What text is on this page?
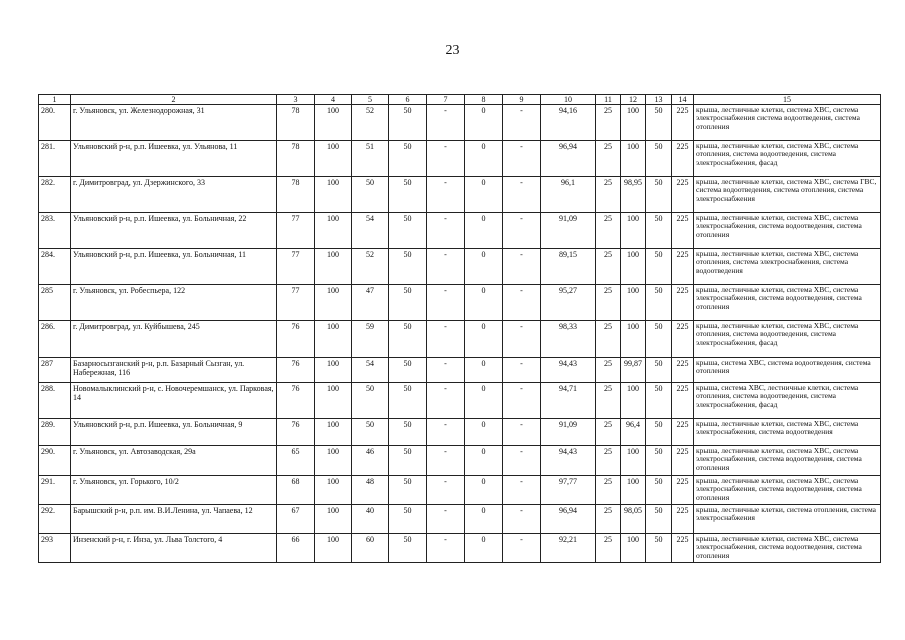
23
1	2	3	4	5	6	7	8	9	10	11	12	13	14	15
280.	г. Ульяновск, ул. Железнодорожная, 31	78	100	52	50	-	0	-	94,16	25	100	50	225	крыша, лестничные клетки, система ХВС, система электроснабжения система водоотведения, система отопления
281.	Ульяновский р-н, р.п. Ишеевка, ул. Ульянова, 11	78	100	51	50	-	0	-	96,94	25	100	50	225	крыша, лестничные клетки, система ХВС, система отопления, система водоотведения, система электроснабжения, фасад
282.	г. Димитровград, ул. Дзержинского, 33	78	100	50	50	-	0	-	96,1	25	98,95	50	225	крыша, лестничные клетки, система ХВС, система ГВС, система водоотведения, система отопления, система электроснабжения
283.	Ульяновский р-н, р.п. Ишеевка, ул. Больничная, 22	77	100	54	50	-	0	-	91,09	25	100	50	225	крыша, лестничные клетки, система ХВС, система электроснабжения, система водоотведения, система отопления
284.	Ульяновский р-н, р.п. Ишеевка, ул. Больничная, 11	77	100	52	50	-	0	-	89,15	25	100	50	225	крыша, лестничные клетки, система ХВС, система отопления, система электроснабжения, система водоотведения
285	г. Ульяновск, ул. Робеспьера, 122	77	100	47	50	-	0	-	95,27	25	100	50	225	крыша, лестничные клетки, система ХВС, система электроснабжения, система водоотведения, система отопления
286.	г. Димитровград, ул. Куйбышева, 245	76	100	59	50	-	0	-	98,33	25	100	50	225	крыша, лестничные клетки, система ХВС, система отопления, система водоотведения, система электроснабжения, фасад
287	Базарносызганский р-н, р.п. Базарный Сызган, ул. Набережная, 116	76	100	54	50	-	0	-	94,43	25	99,87	50	225	крыша, система ХВС, система водоотведения, система отопления
288.	Новомалыклинский р-н, с. Новочеремшанск, ул. Парковая, 14	76	100	50	50	-	0	-	94,71	25	100	50	225	крыша, система ХВС, лестничные клетки, система отопления, система водоотведения, система электроснабжения, фасад
289.	Ульяновский р-н, р.п. Ишеевка, ул. Больничная, 9	76	100	50	50	-	0	-	91,09	25	96,4	50	225	крыша, лестничные клетки, система ХВС, система электроснабжения, система водоотведения
290.	г. Ульяновск, ул. Автозаводская, 29а	65	100	46	50	-	0	-	94,43	25	100	50	225	крыша, лестничные клетки, система ХВС, система электроснабжения, система водоотведения, система отопления
291.	г. Ульяновск, ул. Горького, 10/2	68	100	48	50	-	0	-	97,77	25	100	50	225	крыша, лестничные клетки, система ХВС, система электроснабжения, система водоотведения, система отопления
292.	Барышский р-н, р.п. им. В.И.Ленина, ул. Чапаева, 12	67	100	40	50	-	0	-	96,94	25	98,05	50	225	крыша, лестничные клетки, система отопления, система электроснабжения
293	Инзенский р-н, г. Инза, ул. Льва Толстого, 4	66	100	60	50	-	0	-	92,21	25	100	50	225	крыша, лестничные клетки, система ХВС, система электроснабжения, система водоотведения, система отопления
